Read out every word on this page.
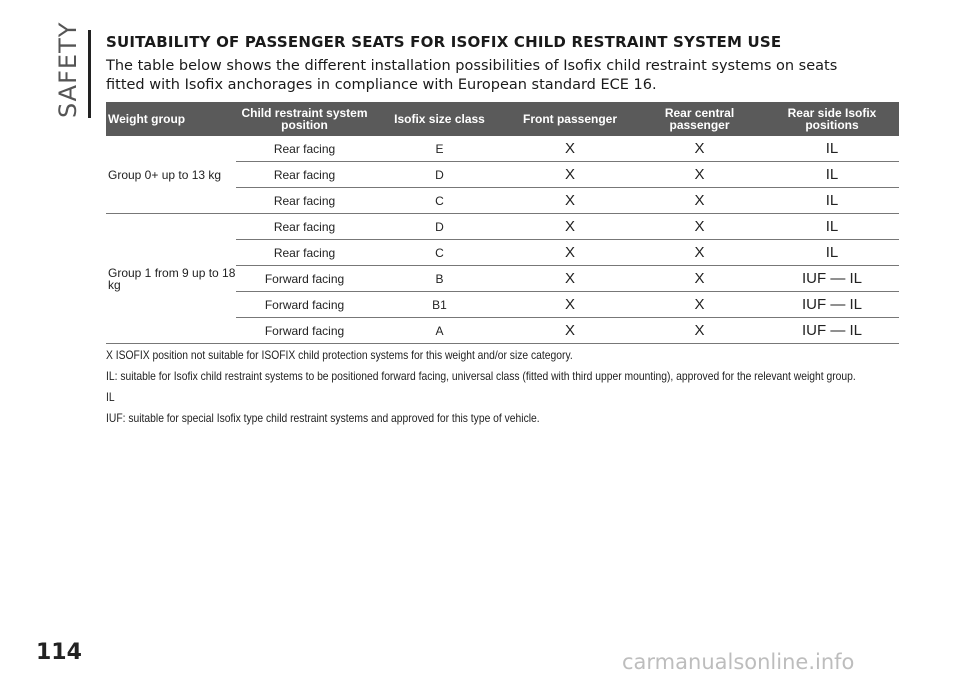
SAFETY SUITABILITY OF PASSENGER SEATS FOR ISOFIX CHILD RESTRAINT SYSTEM USE
The table below shows the different installation possibilities of Isofix child restraint systems on seats fitted with Isofix anchorages in compliance with European standard ECE 16.
Weight group	Child restraint system position	Isofix size class	Front passenger	Rear central passenger	Rear side Isofix positions
Group 0+ up to 13 kg	Rear facing	E	X	X	IL
	Rear facing	D	X	X	IL
	Rear facing	C	X	X	IL
Group 1 from 9 up to 18 kg	Rear facing	D	X	X	IL
	Rear facing	C	X	X	IL
	Forward facing	B	X	X	IUF — IL
	Forward facing	B1	X	X	IUF — IL
	Forward facing	A	X	X	IUF — IL

X ISOFIX position not suitable for ISOFIX child protection systems for this weight and/or size category.

IL: suitable for Isofix child restraint systems to be positioned forward facing, universal class (fitted with third upper mounting), approved for the relevant weight group.

IL

IUF: suitable for special Isofix type child restraint systems and approved for this type of vehicle.

114	carmanualsonline.info
